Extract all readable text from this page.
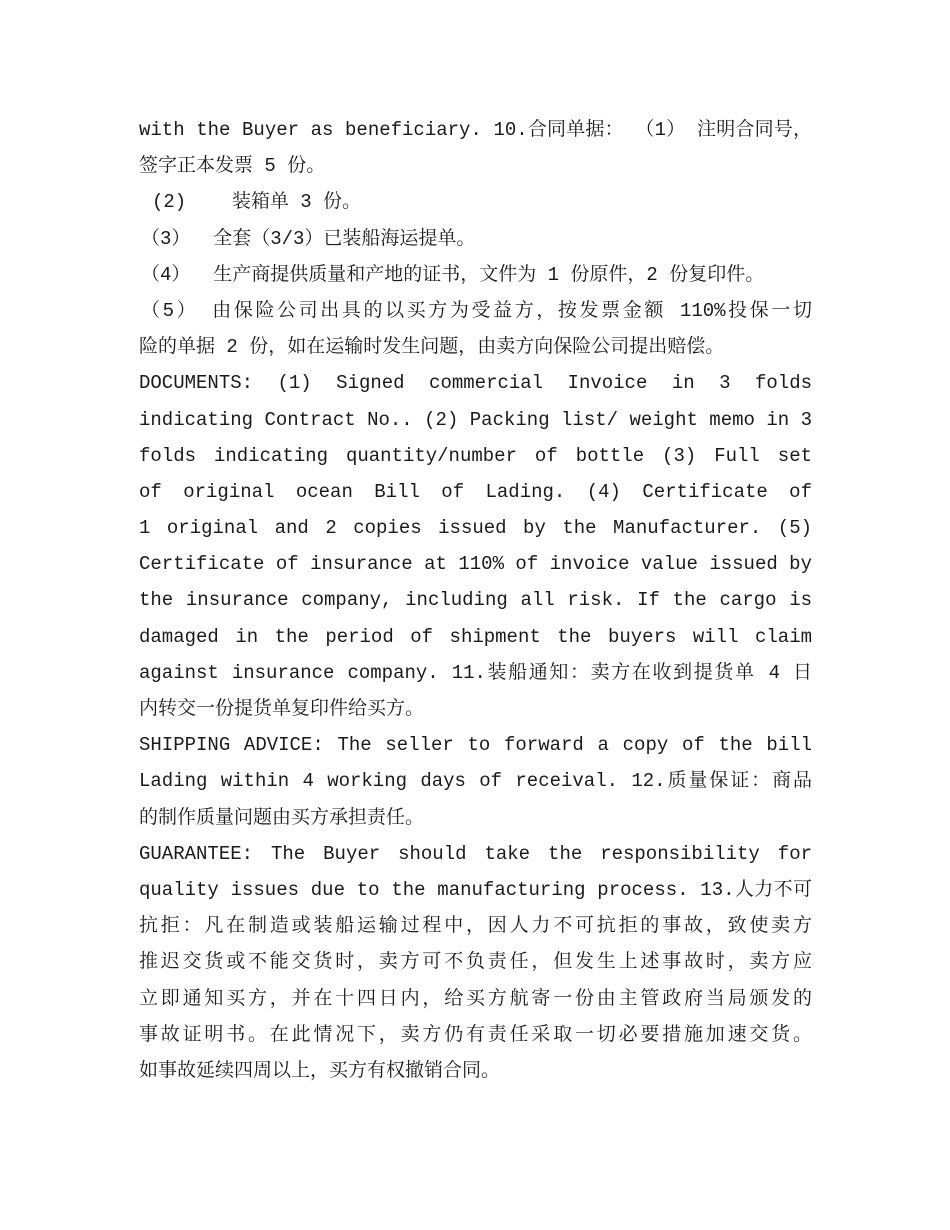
with the Buyer as beneficiary. 10.合同单据： （1） 注明合同号，
签字正本发票 5 份。
(2)    装箱单 3 份。
（3）  全套（3/3）已装船海运提单。
（4）  生产商提供质量和产地的证书，文件为 1 份原件，2 份复印件。
（5） 由保险公司出具的以买方为受益方，按发票金额 110%投保一切
险的单据 2 份，如在运输时发生问题，由卖方向保险公司提出赔偿。
DOCUMENTS: (1) Signed commercial Invoice in 3 folds
indicating Contract No.. (2) Packing list/ weight memo in 3
folds indicating quantity/number of bottle (3) Full set
of original ocean Bill of Lading. (4) Certificate of
1 original and 2 copies issued by the Manufacturer. (5)
Certificate of insurance at 110% of invoice value issued by
the insurance company, including all risk. If the cargo is
damaged in the period of shipment the buyers will claim
against insurance company. 11.装船通知：卖方在收到提货单 4 日
内转交一份提货单复印件给买方。
SHIPPING ADVICE: The seller to forward a copy of the bill
Lading within 4 working days of receival. 12.质量保证：商品
的制作质量问题由买方承担责任。
GUARANTEE: The Buyer should take the responsibility for
quality issues due to the manufacturing process. 13.人力不可
抗拒：凡在制造或装船运输过程中，因人力不可抗拒的事故，致使卖方
推迟交货或不能交货时，卖方可不负责任，但发生上述事故时，卖方应
立即通知买方，并在十四日内，给买方航寄一份由主管政府当局颁发的
事故证明书。在此情况下，卖方仍有责任采取一切必要措施加速交货。
如事故延续四周以上，买方有权撤销合同。
